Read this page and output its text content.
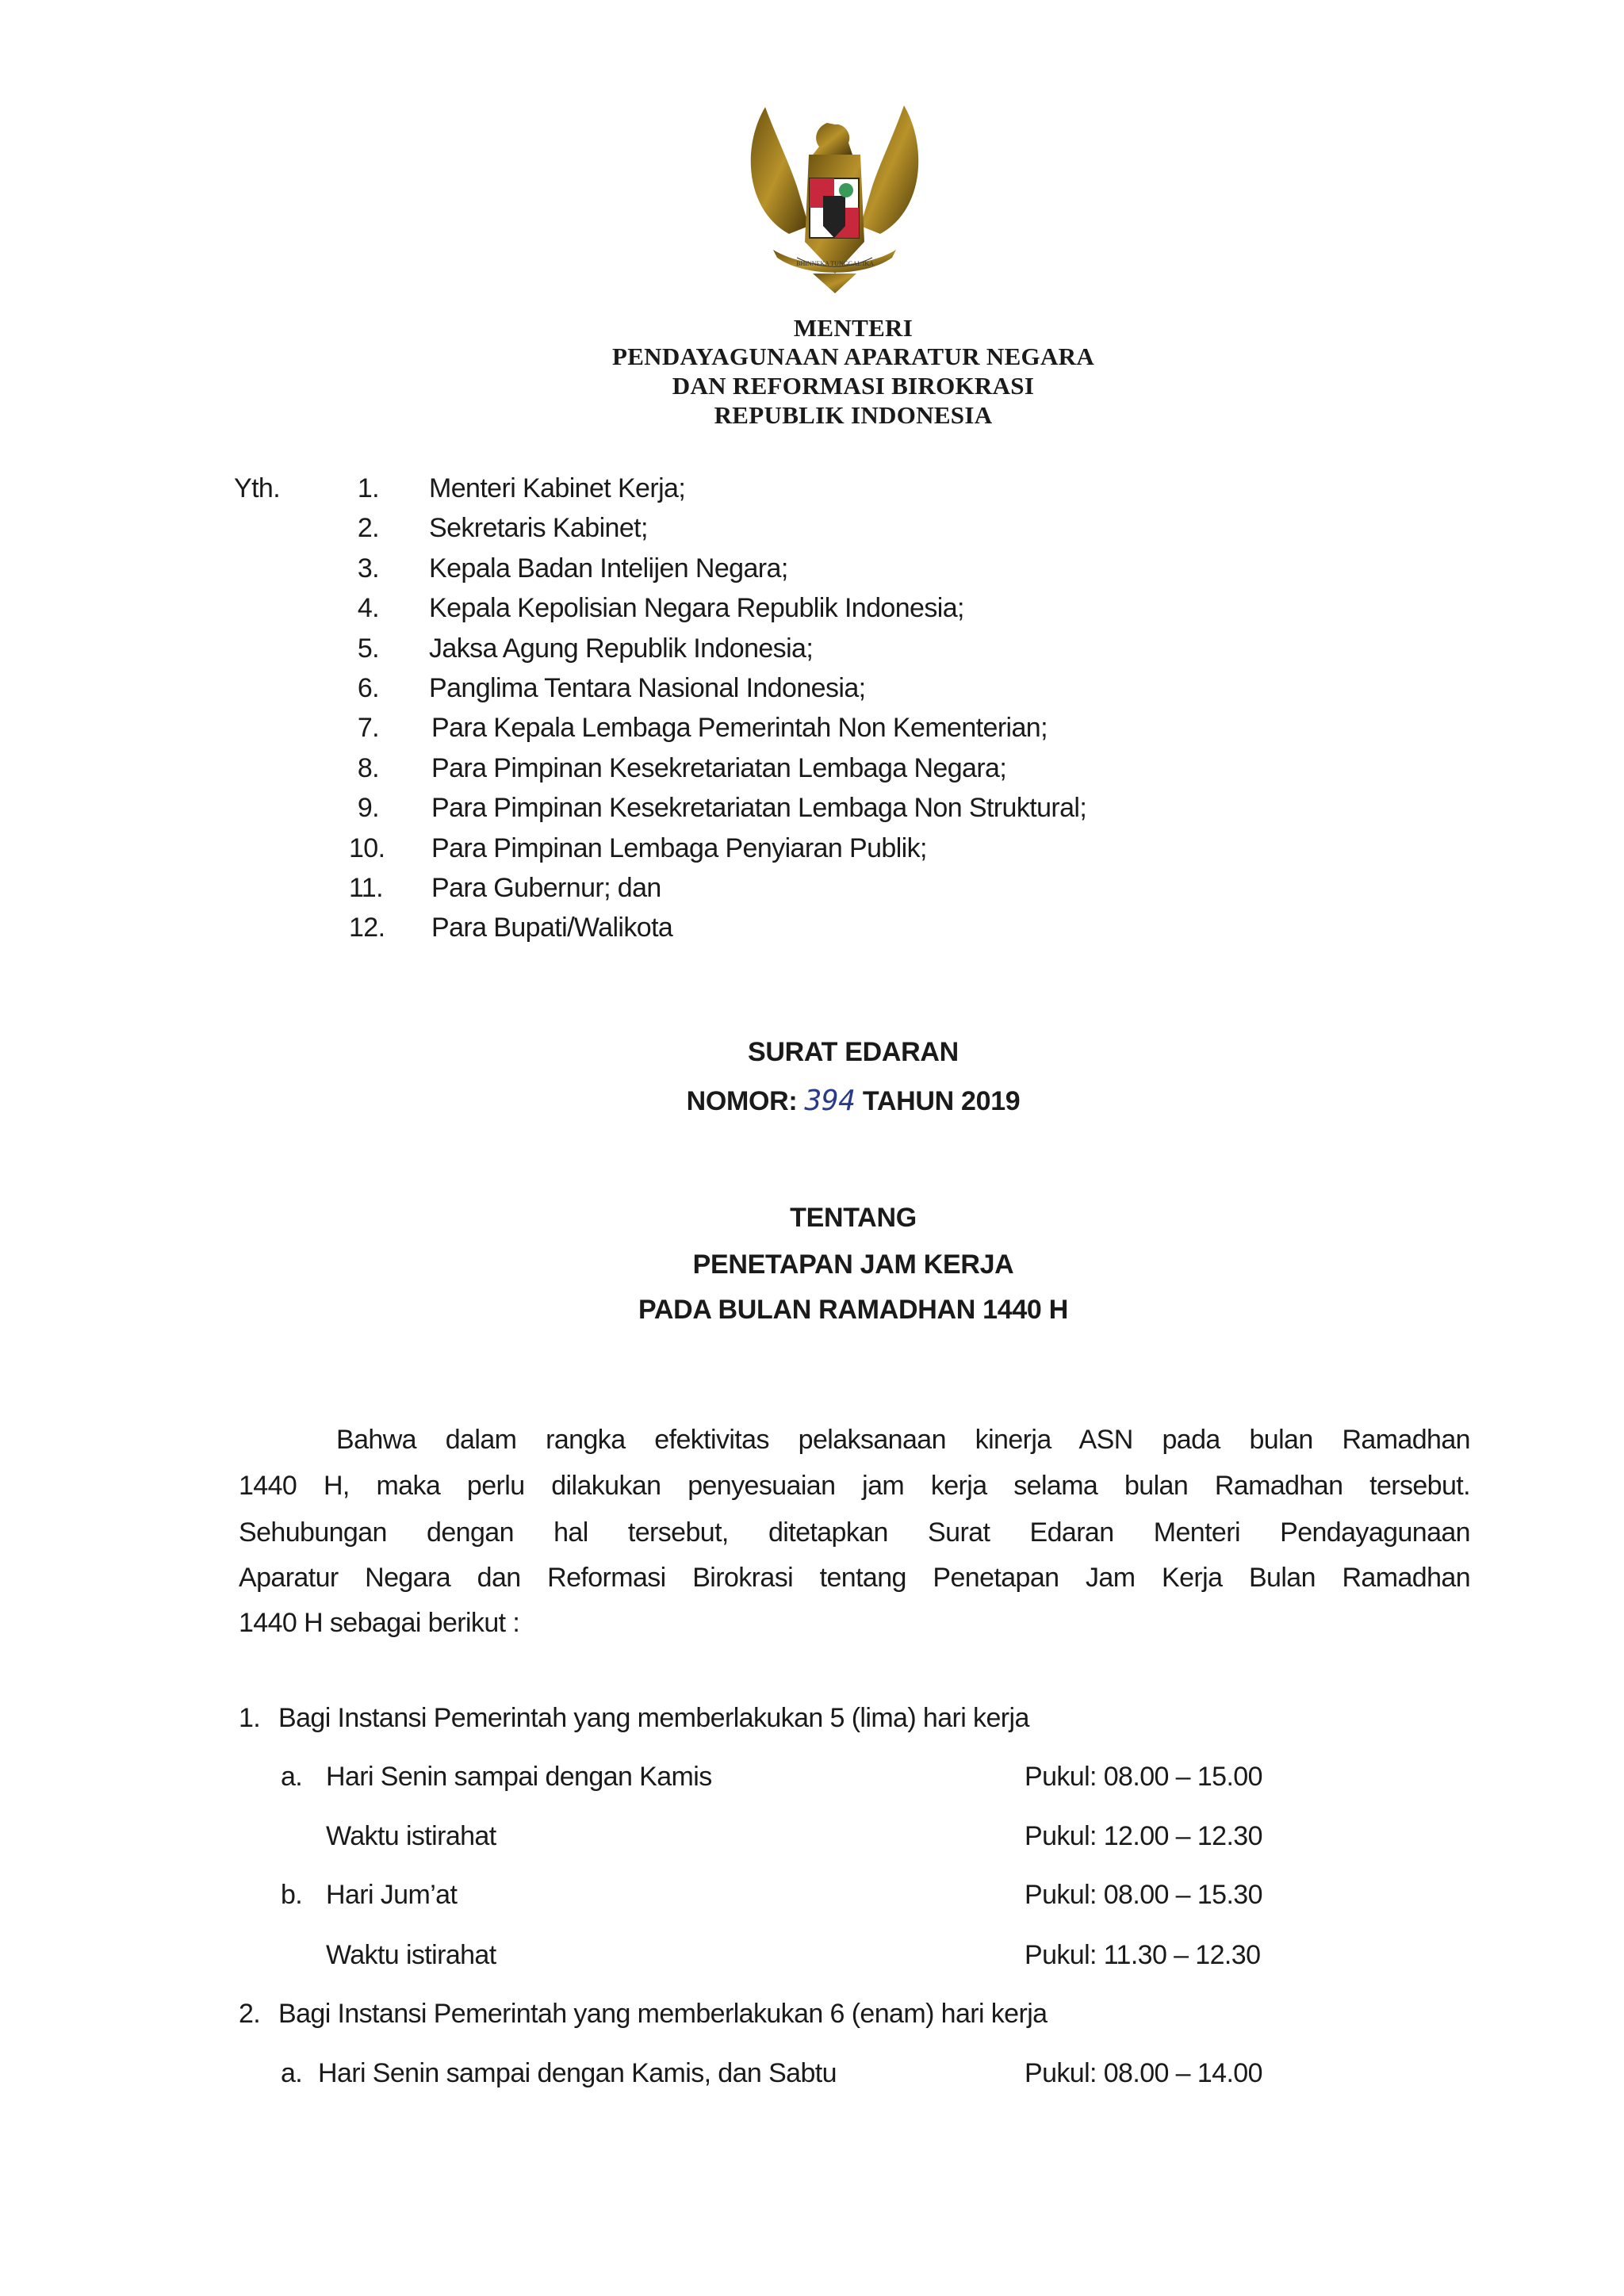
BHINNEKA TUNGGAL IKA
MENTERI
PENDAYAGUNAAN APARATUR NEGARA
DAN REFORMASI BIROKRASI
REPUBLIK INDONESIA
Yth.	1. Menteri Kabinet Kerja;
2. Sekretaris Kabinet;
3. Kepala Badan Intelijen Negara;
4. Kepala Kepolisian Negara Republik Indonesia;
5. Jaksa Agung Republik Indonesia;
6. Panglima Tentara Nasional Indonesia;
7. Para Kepala Lembaga Pemerintah Non Kementerian;
8. Para Pimpinan Kesekretariatan Lembaga Negara;
9. Para Pimpinan Kesekretariatan Lembaga Non Struktural;
10. Para Pimpinan Lembaga Penyiaran Publik;
11. Para Gubernur; dan
12. Para Bupati/Walikota
SURAT EDARAN
NOMOR: 394 TAHUN 2019
TENTANG
PENETAPAN JAM KERJA
PADA BULAN RAMADHAN 1440 H
Bahwa dalam rangka efektivitas pelaksanaan kinerja ASN pada bulan Ramadhan
1440 H, maka perlu dilakukan penyesuaian jam kerja selama bulan Ramadhan tersebut.
Sehubungan dengan hal tersebut, ditetapkan Surat Edaran Menteri Pendayagunaan
Aparatur Negara dan Reformasi Birokrasi tentang Penetapan Jam Kerja Bulan Ramadhan
1440 H sebagai berikut :
1. Bagi Instansi Pemerintah yang memberlakukan 5 (lima) hari kerja
a. Hari Senin sampai dengan Kamis	Pukul: 08.00 – 15.00
Waktu istirahat	Pukul: 12.00 – 12.30
b. Hari Jum’at	Pukul: 08.00 – 15.30
Waktu istirahat	Pukul: 11.30 – 12.30
2. Bagi Instansi Pemerintah yang memberlakukan 6 (enam) hari kerja
a. Hari Senin sampai dengan Kamis, dan Sabtu	Pukul: 08.00 – 14.00
